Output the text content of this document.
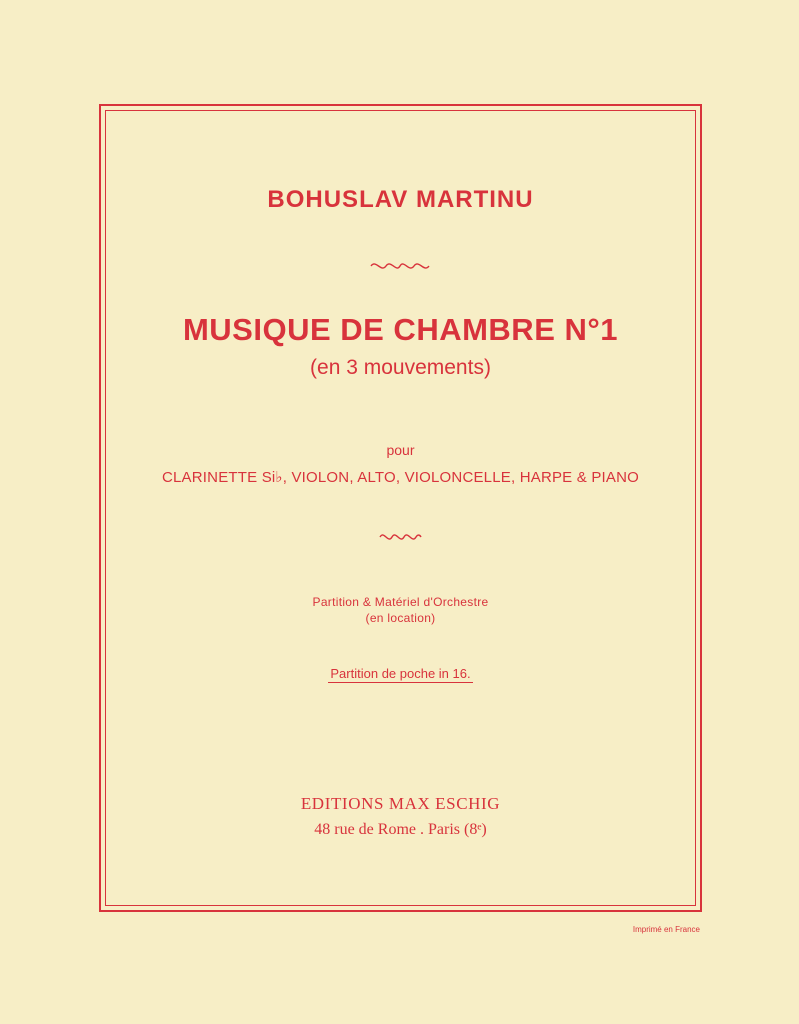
BOHUSLAV MARTINU
MUSIQUE DE CHAMBRE N°1
(en 3 mouvements)
pour
CLARINETTE Si♭, VIOLON, ALTO, VIOLONCELLE, HARPE & PIANO
Partition & Matériel d'Orchestre
(en location)
Partition de poche in 16.
EDITIONS MAX ESCHIG
48 rue de Rome . Paris (8ᵉ)
Imprimé en France
